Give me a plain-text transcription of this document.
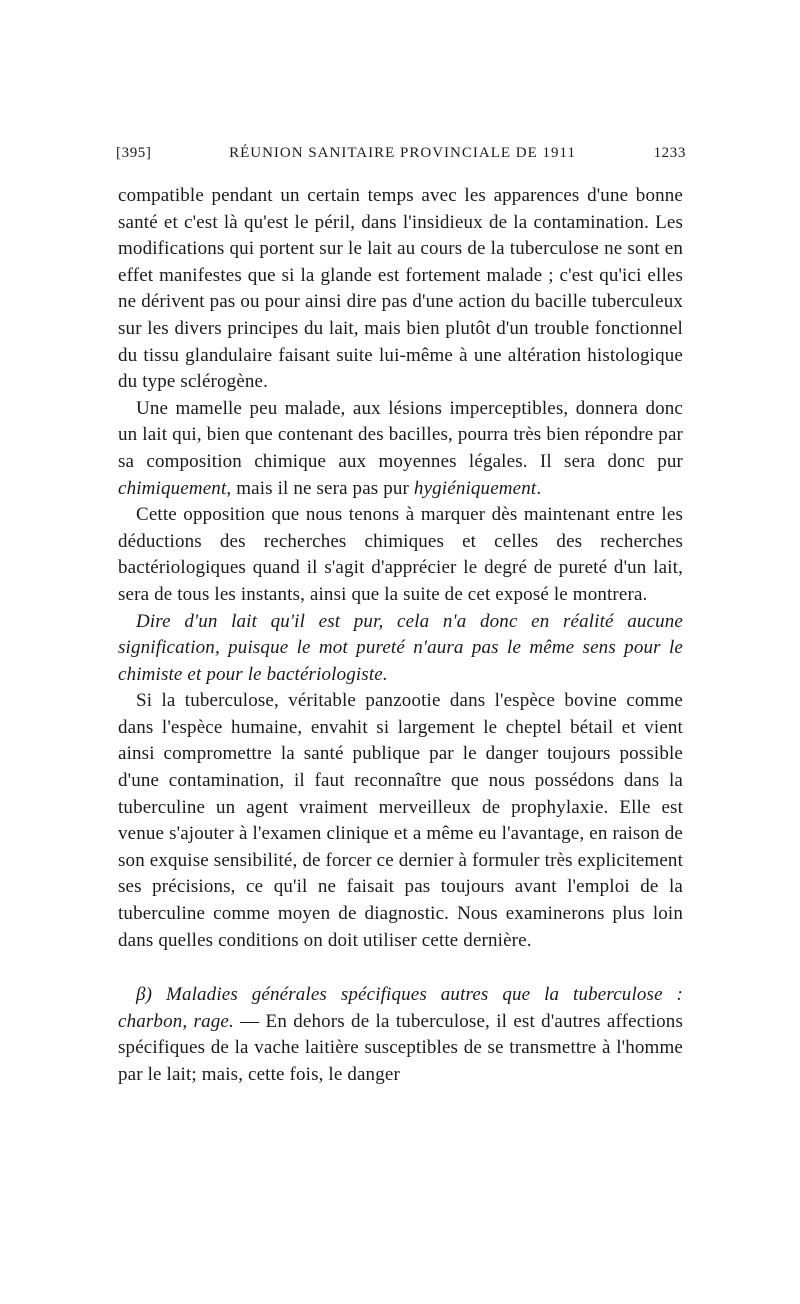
[395]	RÉUNION SANITAIRE PROVINCIALE DE 1911	1233

compatible pendant un certain temps avec les apparences d'une bonne santé et c'est là qu'est le péril, dans l'insidieux de la contamination. Les modifications qui portent sur le lait au cours de la tuberculose ne sont en effet manifestes que si la glande est fortement malade ; c'est qu'ici elles ne dérivent pas ou pour ainsi dire pas d'une action du bacille tuberculeux sur les divers principes du lait, mais bien plutôt d'un trouble fonctionnel du tissu glandulaire faisant suite lui-même à une altération histologique du type sclérogène.

Une mamelle peu malade, aux lésions imperceptibles, donnera donc un lait qui, bien que contenant des bacilles, pourra très bien répondre par sa composition chimique aux moyennes légales. Il sera donc pur chimiquement, mais il ne sera pas pur hygiéniquement.

Cette opposition que nous tenons à marquer dès maintenant entre les déductions des recherches chimiques et celles des recherches bactériologiques quand il s'agit d'apprécier le degré de pureté d'un lait, sera de tous les instants, ainsi que la suite de cet exposé le montrera.

Dire d'un lait qu'il est pur, cela n'a donc en réalité aucune signification, puisque le mot pureté n'aura pas le même sens pour le chimiste et pour le bactériologiste.

Si la tuberculose, véritable panzootie dans l'espèce bovine comme dans l'espèce humaine, envahit si largement le cheptel bétail et vient ainsi compromettre la santé publique par le danger toujours possible d'une contamination, il faut reconnaître que nous possédons dans la tuberculine un agent vraiment merveilleux de prophylaxie. Elle est venue s'ajouter à l'examen clinique et a même eu l'avantage, en raison de son exquise sensibilité, de forcer ce dernier à formuler très explicitement ses précisions, ce qu'il ne faisait pas toujours avant l'emploi de la tuberculine comme moyen de diagnostic. Nous examinerons plus loin dans quelles conditions on doit utiliser cette dernière.

β) Maladies générales spécifiques autres que la tuberculose : charbon, rage. — En dehors de la tuberculose, il est d'autres affections spécifiques de la vache laitière susceptibles de se transmettre à l'homme par le lait; mais, cette fois, le danger
